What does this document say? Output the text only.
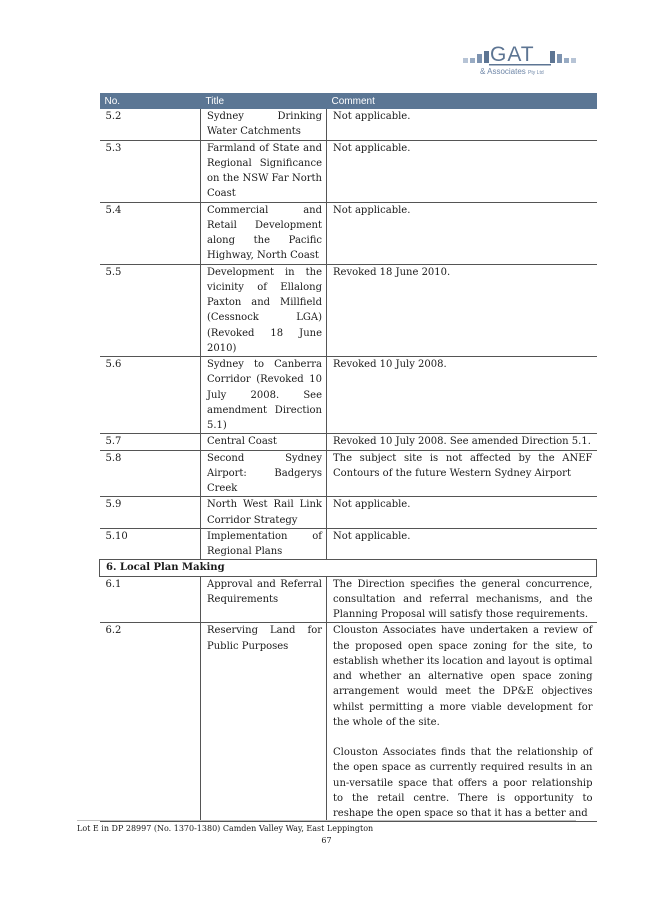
GAT
& Associates Pty Ltd
No.	Title	Comment
5.2	Sydney Drinking Water Catchments	Not applicable.

5.3	Farmland of State and Regional Significance on the NSW Far North Coast	Not applicable.

5.4	Commercial and Retail Development along the Pacific Highway, North Coast	Not applicable.

5.5	Development in the vicinity of Ellalong Paxton and Millfield (Cessnock LGA) (Revoked 18 June 2010)	Revoked 18 June 2010.

5.6	Sydney to Canberra Corridor (Revoked 10 July 2008. See amendment Direction 5.1)	Revoked 10 July 2008.

5.7	Central Coast	Revoked 10 July 2008. See amended Direction 5.1.

5.8	Second Sydney Airport: Badgerys Creek	The subject site is not affected by the ANEF Contours of the future Western Sydney Airport

5.9	North West Rail Link Corridor Strategy	Not applicable.

5.10	Implementation of Regional Plans	Not applicable.

6. Local Plan Making		
6.1	Approval and Referral Requirements	The Direction specifies the general concurrence, consultation and referral mechanisms, and the Planning Proposal will satisfy those requirements.

6.2	Reserving Land for Public Purposes	Clouston Associates have undertaken a review of the proposed open space zoning for the site, to establish whether its location and layout is optimal and whether an alternative open space zoning arrangement would meet the DP&E objectives whilst permitting a more viable development for the whole of the site.
Clouston Associates finds that the relationship of the open space as currently required results in an un-versatile space that offers a poor relationship to the retail centre. There is opportunity to reshape the open space so that it has a better and
Lot E in DP 28997 (No. 1370-1380) Camden Valley Way, East Leppington
67
